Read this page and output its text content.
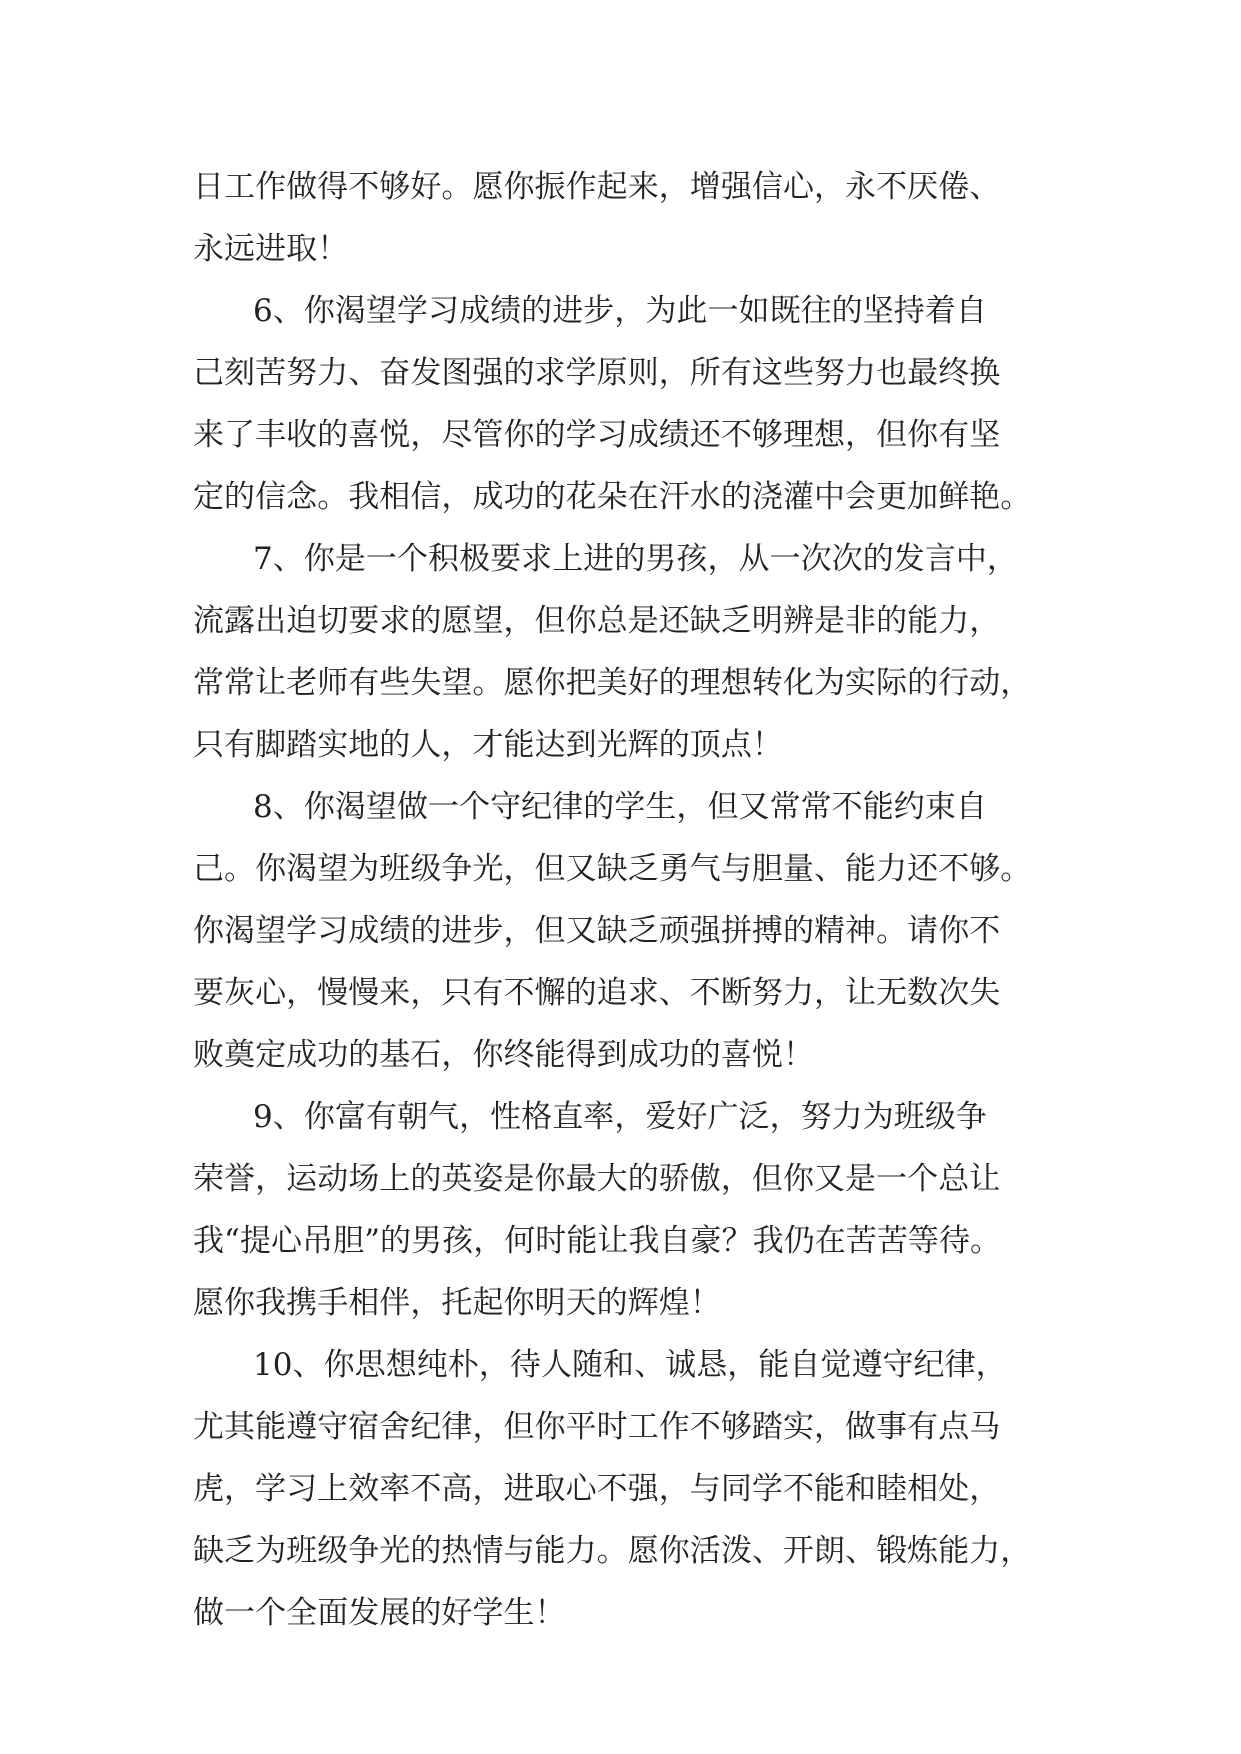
日工作做得不够好。愿你振作起来，增强信心，永不厌倦、
永远进取！
6、你渴望学习成绩的进步，为此一如既往的坚持着自
己刻苦努力、奋发图强的求学原则，所有这些努力也最终换
来了丰收的喜悦，尽管你的学习成绩还不够理想，但你有坚
定的信念。我相信，成功的花朵在汗水的浇灌中会更加鲜艳。
7、你是一个积极要求上进的男孩，从一次次的发言中，
流露出迫切要求的愿望，但你总是还缺乏明辨是非的能力，
常常让老师有些失望。愿你把美好的理想转化为实际的行动，
只有脚踏实地的人，才能达到光辉的顶点！
8、你渴望做一个守纪律的学生，但又常常不能约束自
己。你渴望为班级争光，但又缺乏勇气与胆量、能力还不够。
你渴望学习成绩的进步，但又缺乏顽强拼搏的精神。请你不
要灰心，慢慢来，只有不懈的追求、不断努力，让无数次失
败奠定成功的基石，你终能得到成功的喜悦！
9、你富有朝气，性格直率，爱好广泛，努力为班级争
荣誉，运动场上的英姿是你最大的骄傲，但你又是一个总让
我“提心吊胆”的男孩，何时能让我自豪？我仍在苦苦等待。
愿你我携手相伴，托起你明天的辉煌！
10、你思想纯朴，待人随和、诚恳，能自觉遵守纪律，
尤其能遵守宿舍纪律，但你平时工作不够踏实，做事有点马
虎，学习上效率不高，进取心不强，与同学不能和睦相处，
缺乏为班级争光的热情与能力。愿你活泼、开朗、锻炼能力，
做一个全面发展的好学生！
